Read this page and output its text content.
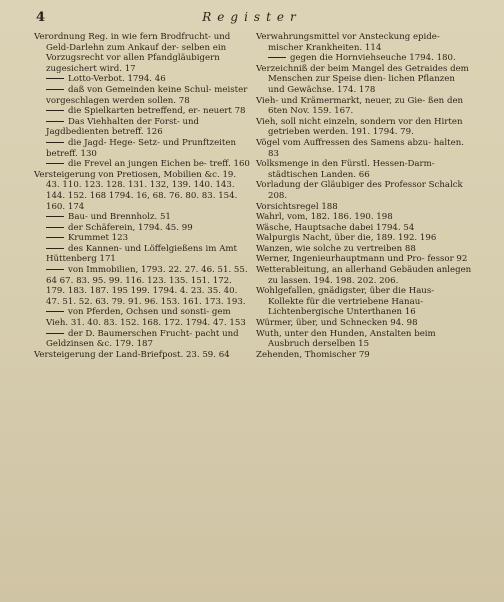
4	Register

Verordnung Reg. in wie fern Brodfrucht- und Geld-Darlehn zum Ankauf der- selben ein Vorzugsrecht vor allen Pfandgläubigern zugesichert wird. 17

Lotto-Verbot. 1794. 46

daß von Gemeinden keine Schul- meister vorgeschlagen werden sollen. 78

die Spielkarten betreffend, er- neuert 78

Das Viehhalten der Forst- und Jagdbedienten betreff. 126

die Jagd- Hege- Setz- und Prunftzeiten betreff. 130

die Frevel an jungen Eichen be- treff. 160

Versteigerung von Pretiosen, Mobilien &c. 19. 43. 110. 123. 128. 131. 132, 139. 140. 143. 144. 152. 168 1794. 16, 68. 76. 80. 83. 154. 160. 174

Bau- und Brennholz. 51

der Schäferein, 1794. 45. 99

Krummet 123

des Kannen- und Löffelgießens im Amt Hüttenberg 171

von Immobilien, 1793. 22. 27. 46. 51. 55. 64 67. 83. 95. 99. 116. 123. 135. 151. 172. 179. 183. 187. 195 199. 1794. 4. 23. 35. 40. 47. 51. 52. 63. 79. 91. 96. 153. 161. 173. 193.

von Pferden, Ochsen und sonsti- gem Vieh. 31. 40. 83. 152. 168. 172. 1794. 47. 153

der D. Baumerschen Frucht- pacht und Geldzinsen &c. 179. 187

Versteigerung der Land-Briefpost. 23. 59. 64

Verwahrungsmittel vor Ansteckung epide- mischer Krankheiten. 114

gegen die Hornviehseuche 1794. 180.

Verzeichniß der beim Mangel des Getraides dem Menschen zur Speise dien- lichen Pflanzen und Gewächse. 174. 178

Vieh- und Krämermarkt, neuer, zu Gie- ßen den 6ten Nov. 159. 167.

Vieh, soll nicht einzeln, sondern vor den Hirten getrieben werden. 191. 1794. 79.

Vögel vom Auffressen des Samens abzu- halten. 83

Volksmenge in den Fürstl. Hessen-Darm- städtischen Landen. 66

Vorladung der Gläubiger des Professor Schalck 208.

Vorsichtsregel 188

Wahrl, vom, 182. 186. 190. 198

Wäsche, Hauptsache dabei 1794. 54

Walpurgis Nacht, über die, 189. 192. 196

Wanzen, wie solche zu vertreiben 88

Werner, Ingenieurhauptmann und Pro- fessor 92

Wetterableitung, an allerhand Gebäuden anlegen zu lassen. 194. 198. 202. 206.

Wohlgefallen, gnädigster, über die Haus- Kollekte für die vertriebene Hanau- Lichtenbergische Unterthanen 16

Würmer, über, und Schnecken 94. 98

Wuth, unter den Hunden, Anstalten beim Ausbruch derselben 15

Zehenden, Thomischer 79
